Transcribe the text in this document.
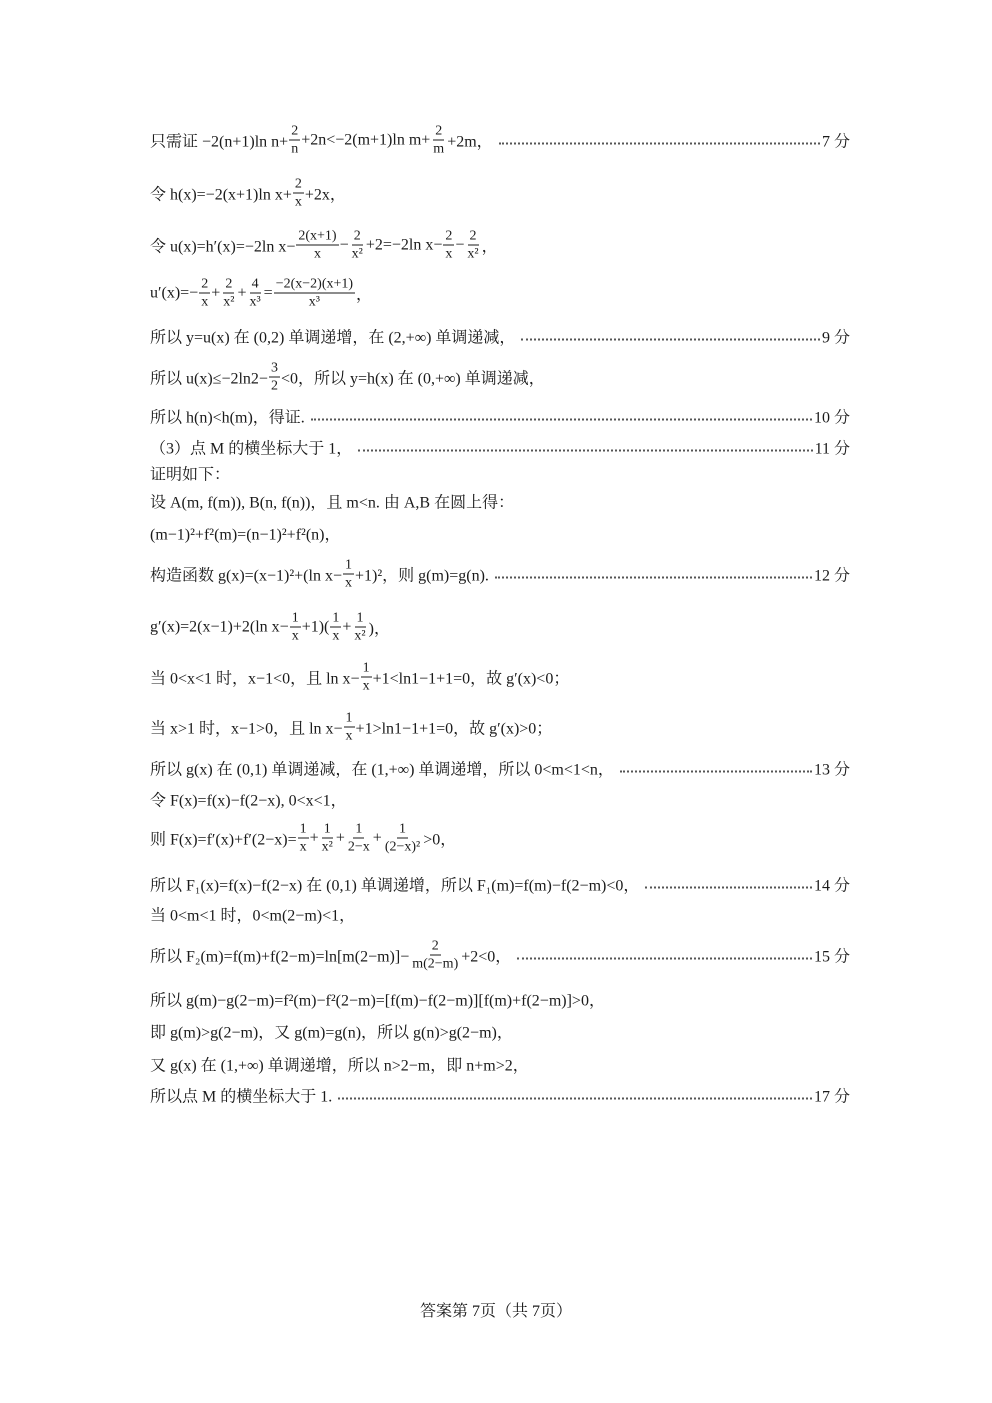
只需证 −2(n+1)ln $n+ \frac{2}{n} +2n<-2(m+1)\ln$ $m+ \frac{2}{m} +2m$，	7 分
令 h(x)=−2(x+1)ln $x+ \frac{2}{x} +2x$，
令 u(x)=h′(x)=−2ln $x- \frac{2(x+1)}{x} - \frac{2}{\text{x²}} +2=-2\ln$ $x- \frac{2}{x} - \frac{2}{\text{x²}}$ ，
$u'(x)=- \frac{2}{x} + \frac{2}{\text{x²}} + \frac{4}{\text{x³}} = \frac{-2(x-2)(x+1)}{\text{x³}}$ ，
所以 y=u(x) 在 (0,2) 单调递增，在 (2,+∞) 单调递减，	9 分
所以 $u(x)\le-2\ln 2- \frac{3}{2} <0$，所以 y=h(x) 在 (0,+∞) 单调递减，
所以 h(n)<h(m)，得证.	10 分
（3）点 M 的横坐标大于 1，	11 分
证明如下：
设 A(m, f(m)), B(n, f(n))，且 m<n. 由 A,B 在圆上得：
(m−1)²+f²(m)=(n−1)²+f²(n)，
构造函数 g(x)=(x−1)²+(ln $x- \frac{1}{x} +1)^2$，则 g(m)=g(n).	12 分
g′(x)=2(x−1)+2(ln $x- \frac{1}{x} +1)( \frac{1}{x} + \frac{1}{\text{x²}}$ )，
当 0<x<1 时，x−1<0，且 $\ln x- \frac{1}{x} +1<\ln 1-1+1=0$，故 g′(x)<0；
当 x>1 时，x−1>0，且 $\ln x- \frac{1}{x} +1>\ln 1-1+1=0$，故 g′(x)>0；
所以 g(x) 在 (0,1) 单调递减，在 (1,+∞) 单调递增，所以 0<m<1<n，	13 分
令 F(x)=f(x)−f(2−x), 0<x<1，
则 $F(x)=f'(x)+f'(2-x)= \frac{1}{x} + \frac{1}{\text{x²}} + \frac{1}{2-x} + \frac{1}{\text{(2−x)²}} >0$，
所以 F₁(x)=f(x)−f(2−x) 在 (0,1) 单调递增，所以 F₁(m)=f(m)−f(2−m)<0，	14 分
当 0<m<1 时，0<m(2−m)<1，
所以 $F_2(m)=f(m)+f(2-m)=\ln[m(2-m)]- \frac{2}{m(2-m)} +2<0$，	15 分
所以 g(m)−g(2−m)=f²(m)−f²(2−m)=[f(m)−f(2−m)][f(m)+f(2−m)]>0，
即 g(m)>g(2−m)，又 g(m)=g(n)，所以 g(n)>g(2−m)，
又 g(x) 在 (1,+∞) 单调递增，所以 n>2−m，即 n+m>2，
所以点 M 的横坐标大于 1.	17 分
答案第 7页（共 7页）
